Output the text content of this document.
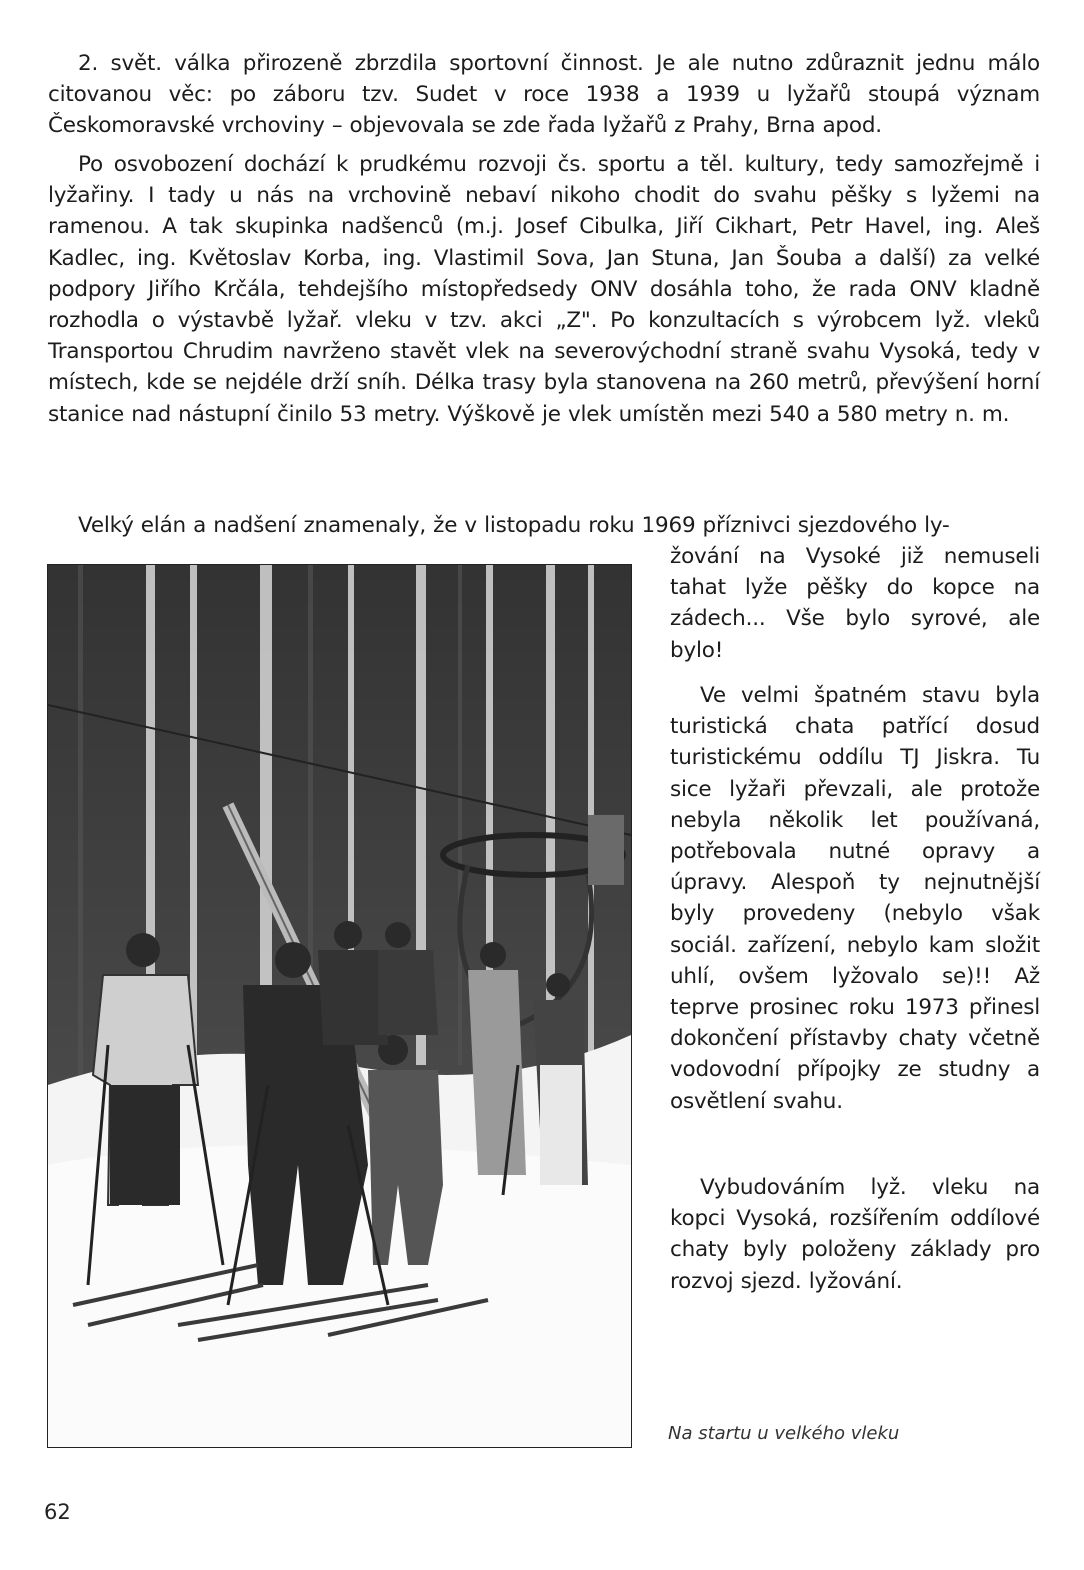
2. svět. válka přirozeně zbrzdila sportovní činnost. Je ale nutno zdůraznit jednu málo citovanou věc: po záboru tzv. Sudet v roce 1938 a 1939 u lyžařů stoupá význam Českomoravské vrchoviny – objevovala se zde řada lyžařů z Prahy, Brna apod.

Po osvobození dochází k prudkému rozvoji čs. sportu a těl. kultury, tedy samozřejmě i lyžařiny. I tady u nás na vrchovině nebaví nikoho chodit do svahu pěšky s lyžemi na ramenou. A tak skupinka nadšenců (m.j. Josef Cibulka, Jiří Cikhart, Petr Havel, ing. Aleš Kadlec, ing. Květoslav Korba, ing. Vlastimil Sova, Jan Stuna, Jan Šouba a další) za velké podpory Jiřího Krčála, tehdejšího místopředsedy ONV dosáhla toho, že rada ONV kladně rozhodla o výstavbě lyžař. vleku v tzv. akci „Z". Po konzultacích s výrobcem lyž. vleků Transportou Chrudim navrženo stavět vlek na severovýchodní straně svahu Vysoká, tedy v místech, kde se nejdéle drží sníh. Délka trasy byla stanovena na 260 metrů, převýšení horní stanice nad nástupní činilo 53 metry. Výškově je vlek umístěn mezi 540 a 580 metry n. m.

Velký elán a nadšení znamenaly, že v listopadu roku 1969 příznivci sjezdového ly-

žování na Vysoké již nemuseli tahat lyže pěšky do kopce na zádech... Vše bylo syrové, ale bylo!

Ve velmi špatném stavu byla turistická chata patřící dosud turistickému oddílu TJ Jiskra. Tu sice lyžaři převzali, ale protože nebyla několik let používaná, potřebovala nutné opravy a úpravy. Alespoň ty nejnutnější byly provedeny (nebylo však sociál. zařízení, nebylo kam složit uhlí, ovšem lyžovalo se)!! Až teprve prosinec roku 1973 přinesl dokončení přístavby chaty včetně vodovodní přípojky ze studny a osvětlení svahu.

Vybudováním lyž. vleku na kopci Vysoká, rozšířením oddílové chaty byly položeny základy pro rozvoj sjezd. lyžování.

Na startu u velkého vleku
62
